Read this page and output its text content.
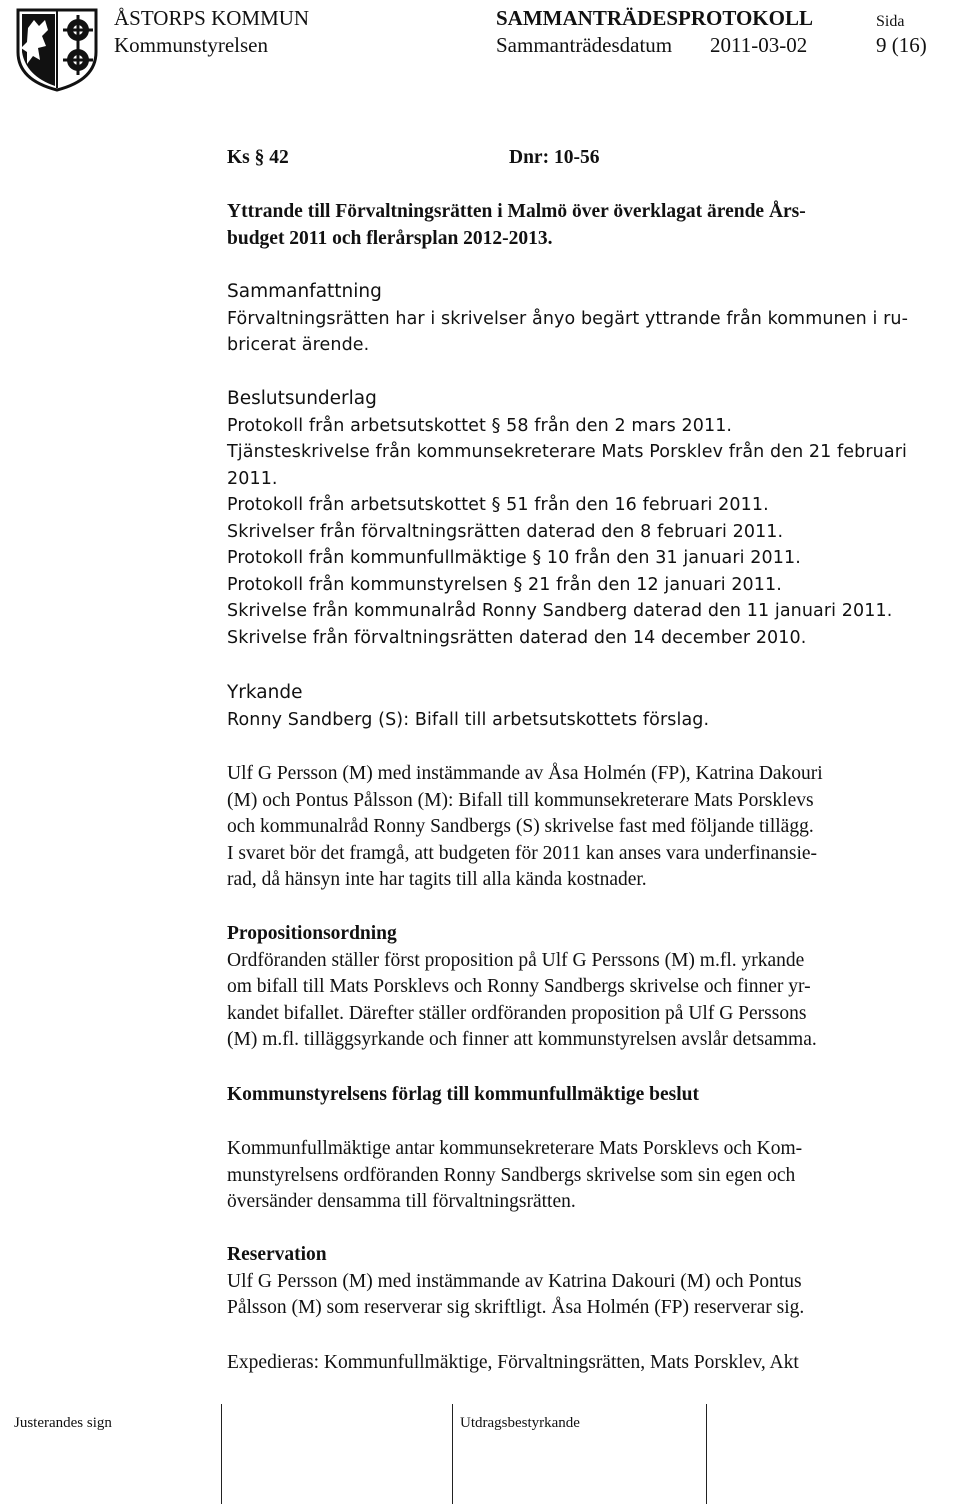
ÅSTORPS KOMMUN
Kommunstyrelsen
SAMMANTRÄDESPROTOKOLL
Sammanträdesdatum 2011-03-02
Sida
9 (16)
Ks § 42	Dnr: 10-56

Yttrande till Förvaltningsrätten i Malmö över överklagat ärende Års-

budget 2011 och flerårsplan 2012-2013.

Sammanfattning

Förvaltningsrätten har i skrivelser ånyo begärt yttrande från kommunen i ru-

bricerat ärende.

Beslutsunderlag

Protokoll från arbetsutskottet § 58 från den 2 mars 2011.

Tjänsteskrivelse från kommunsekreterare Mats Porsklev från den 21 februari

2011.

Protokoll från arbetsutskottet § 51 från den 16 februari 2011.

Skrivelser från förvaltningsrätten daterad den 8 februari 2011.

Protokoll från kommunfullmäktige § 10 från den 31 januari 2011.

Protokoll från kommunstyrelsen § 21 från den 12 januari 2011.

Skrivelse från kommunalråd Ronny Sandberg daterad den 11 januari 2011.

Skrivelse från förvaltningsrätten daterad den 14 december 2010.

Yrkande

Ronny Sandberg (S): Bifall till arbetsutskottets förslag.

Ulf G Persson (M) med instämmande av Åsa Holmén (FP), Katrina Dakouri

(M) och Pontus Pålsson (M): Bifall till kommunsekreterare Mats Porsklevs

och kommunalråd Ronny Sandbergs (S) skrivelse fast med följande tillägg.

I svaret bör det framgå, att budgeten för 2011 kan anses vara underfinansie-

rad, då hänsyn inte har tagits till alla kända kostnader.

Propositionsordning

Ordföranden ställer först proposition på Ulf G Perssons (M) m.fl. yrkande

om bifall till Mats Porsklevs och Ronny Sandbergs skrivelse och finner yr-

kandet bifallet. Därefter ställer ordföranden proposition på Ulf G Perssons

(M) m.fl. tilläggsyrkande och finner att kommunstyrelsen avslår detsamma.

Kommunstyrelsens förlag till kommunfullmäktige beslut

Kommunfullmäktige antar kommunsekreterare Mats Porsklevs och Kom-

munstyrelsens ordföranden Ronny Sandbergs skrivelse som sin egen och

översänder densamma till förvaltningsrätten.

Reservation

Ulf G Persson (M) med instämmande av Katrina Dakouri (M) och Pontus

Pålsson (M) som reserverar sig skriftligt. Åsa Holmén (FP) reserverar sig.

Expedieras: Kommunfullmäktige, Förvaltningsrätten, Mats Porsklev, Akt
Justerandes sign	Utdragsbestyrkande
